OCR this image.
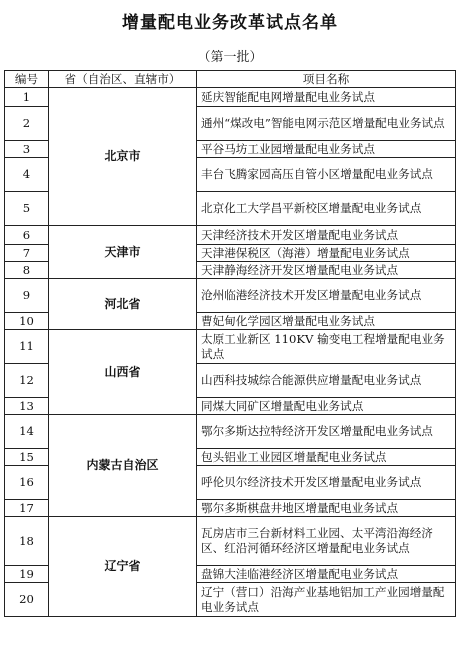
增量配电业务改革试点名单
（第一批）
编号	省（自治区、直辖市）	项目名称
1	北京市	延庆智能配电网增量配电业务试点
2		通州“煤改电”智能电网示范区增量配电业务试点
3		平谷马坊工业园增量配电业务试点
4		丰台飞腾家园高压自管小区增量配电业务试点
5		北京化工大学昌平新校区增量配电业务试点
6	天津市	天津经济技术开发区增量配电业务试点
7		天津港保税区（海港）增量配电业务试点
8		天津静海经济开发区增量配电业务试点
9	河北省	沧州临港经济技术开发区增量配电业务试点
10		曹妃甸化学园区增量配电业务试点
11	山西省	太原工业新区 110KV 输变电工程增量配电业务试点
12		山西科技城综合能源供应增量配电业务试点
13		同煤大同矿区增量配电业务试点
14	内蒙古自治区	鄂尔多斯达拉特经济开发区增量配电业务试点
15		包头铝业工业园区增量配电业务试点
16		呼伦贝尔经济技术开发区增量配电业务试点
17		鄂尔多斯棋盘井地区增量配电业务试点
18	辽宁省	瓦房店市三台新材料工业园、太平湾沿海经济区、红沿河循环经济区增量配电业务试点
19		盘锦大洼临港经济区增量配电业务试点
20		辽宁（营口）沿海产业基地铝加工产业园增量配电业务试点
